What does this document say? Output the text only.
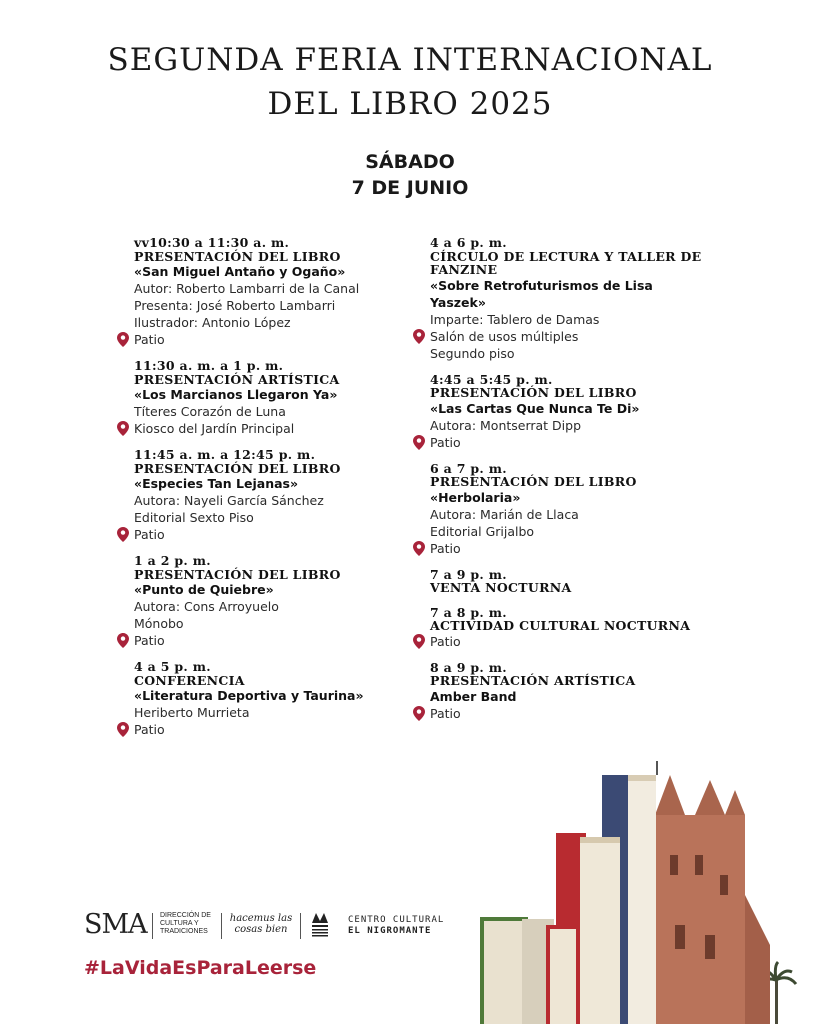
SEGUNDA FERIA INTERNACIONAL
DEL LIBRO 2025
SÁBADO
7 DE JUNIO
vv10:30 a 11:30 a. m.
PRESENTACIÓN DEL LIBRO
«San Miguel Antaño y Ogaño»
Autor: Roberto Lambarri de la Canal
Presenta: José Roberto Lambarri
Ilustrador: Antonio López
Patio
11:30 a. m. a 1 p. m.
PRESENTACIÓN ARTÍSTICA
«Los Marcianos Llegaron Ya»
Títeres Corazón de Luna
Kiosco del Jardín Principal
11:45 a. m. a 12:45 p. m.
PRESENTACIÓN DEL LIBRO
«Especies Tan Lejanas»
Autora: Nayeli García Sánchez
Editorial Sexto Piso
Patio
1 a 2 p. m.
PRESENTACIÓN DEL LIBRO
«Punto de Quiebre»
Autora: Cons Arroyuelo
Mónobo
Patio
4 a 5 p. m.
CONFERENCIA
«Literatura Deportiva y Taurina»
Heriberto Murrieta
Patio
4 a 6 p. m.
CÍRCULO DE LECTURA Y TALLER DE FANZINE
«Sobre Retrofuturismos de Lisa Yaszek»
Imparte: Tablero de Damas
Salón de usos múltiples
Segundo piso
4:45 a 5:45 p. m.
PRESENTACIÓN DEL LIBRO
«Las Cartas Que Nunca Te Di»
Autora: Montserrat Dipp
Patio
6 a 7 p. m.
PRESENTACIÓN DEL LIBRO
«Herbolaria»
Autora: Marián de Llaca
Editorial Grijalbo
Patio
7 a 9 p. m.
VENTA NOCTURNA
7 a 8 p. m.
ACTIVIDAD CULTURAL NOCTURNA
Patio
8 a 9 p. m.
PRESENTACIÓN ARTÍSTICA
Amber Band
Patio
SMA DIRECCIÓN DE CULTURA Y TRADICIONES
hacemus las cosas bien
CENTRO CULTURAL
EL NIGROMANTE
#LaVidaEsParaLeerse
